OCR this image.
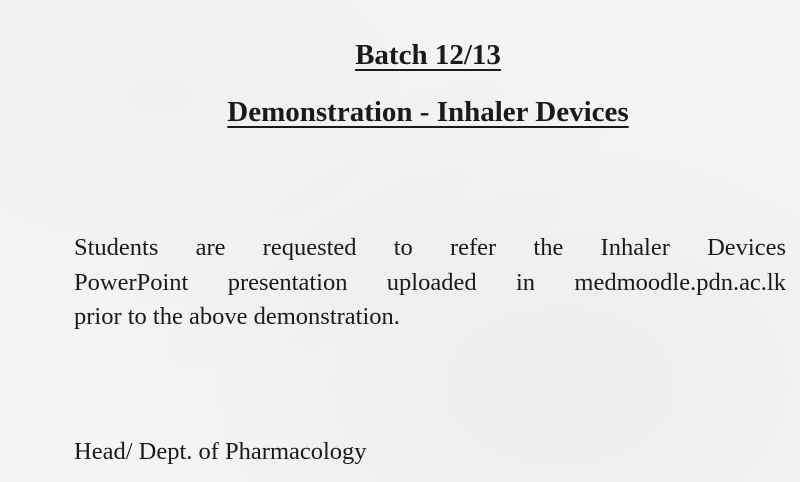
Batch 12/13
Demonstration - Inhaler Devices

Students are requested to refer the Inhaler Devices
PowerPoint presentation uploaded in medmoodle.pdn.ac.lk
prior to the above demonstration.

Head/ Dept. of Pharmacology
